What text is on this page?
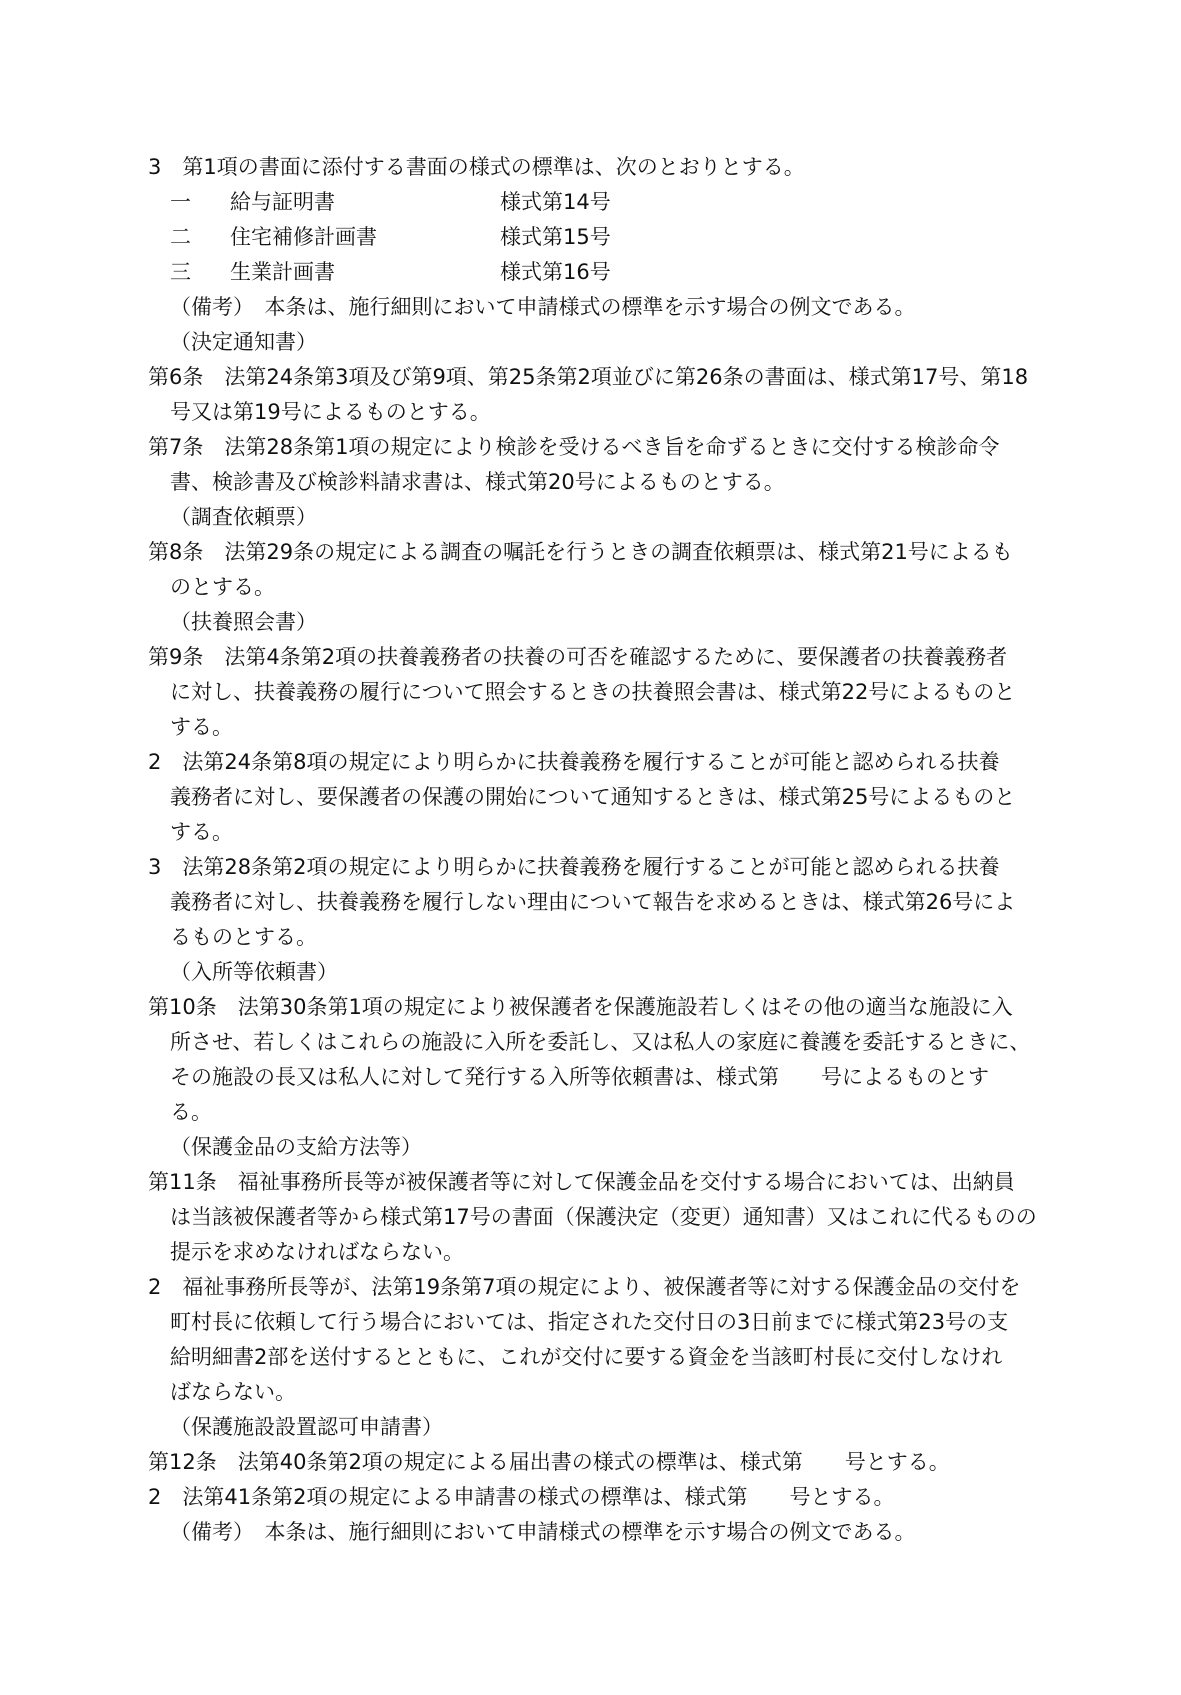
3　第1項の書面に添付する書面の様式の標準は、次のとおりとする。
一	給与証明書	様式第14号
二	住宅補修計画書	様式第15号
三	生業計画書	様式第16号
（備考）　本条は、施行細則において申請様式の標準を示す場合の例文である。
（決定通知書）
第6条　法第24条第3項及び第9項、第25条第2項並びに第26条の書面は、様式第17号、第18
号又は第19号によるものとする。
第7条　法第28条第1項の規定により検診を受けるべき旨を命ずるときに交付する検診命令
書、検診書及び検診料請求書は、様式第20号によるものとする。
（調査依頼票）
第8条　法第29条の規定による調査の嘱託を行うときの調査依頼票は、様式第21号によるも
のとする。
（扶養照会書）
第9条　法第4条第2項の扶養義務者の扶養の可否を確認するために、要保護者の扶養義務者
に対し、扶養義務の履行について照会するときの扶養照会書は、様式第22号によるものと
する。
2　法第24条第8項の規定により明らかに扶養義務を履行することが可能と認められる扶養
義務者に対し、要保護者の保護の開始について通知するときは、様式第25号によるものと
する。
3　法第28条第2項の規定により明らかに扶養義務を履行することが可能と認められる扶養
義務者に対し、扶養義務を履行しない理由について報告を求めるときは、様式第26号によ
るものとする。
（入所等依頼書）
第10条　法第30条第1項の規定により被保護者を保護施設若しくはその他の適当な施設に入
所させ、若しくはこれらの施設に入所を委託し、又は私人の家庭に養護を委託するときに、
その施設の長又は私人に対して発行する入所等依頼書は、様式第　　号によるものとす
る。
（保護金品の支給方法等）
第11条　福祉事務所長等が被保護者等に対して保護金品を交付する場合においては、出納員
は当該被保護者等から様式第17号の書面（保護決定（変更）通知書）又はこれに代るものの
提示を求めなければならない。
2　福祉事務所長等が、法第19条第7項の規定により、被保護者等に対する保護金品の交付を
町村長に依頼して行う場合においては、指定された交付日の3日前までに様式第23号の支
給明細書2部を送付するとともに、これが交付に要する資金を当該町村長に交付しなけれ
ばならない。
（保護施設設置認可申請書）
第12条　法第40条第2項の規定による届出書の様式の標準は、様式第　　号とする。
2　法第41条第2項の規定による申請書の様式の標準は、様式第　　号とする。
（備考）　本条は、施行細則において申請様式の標準を示す場合の例文である。
